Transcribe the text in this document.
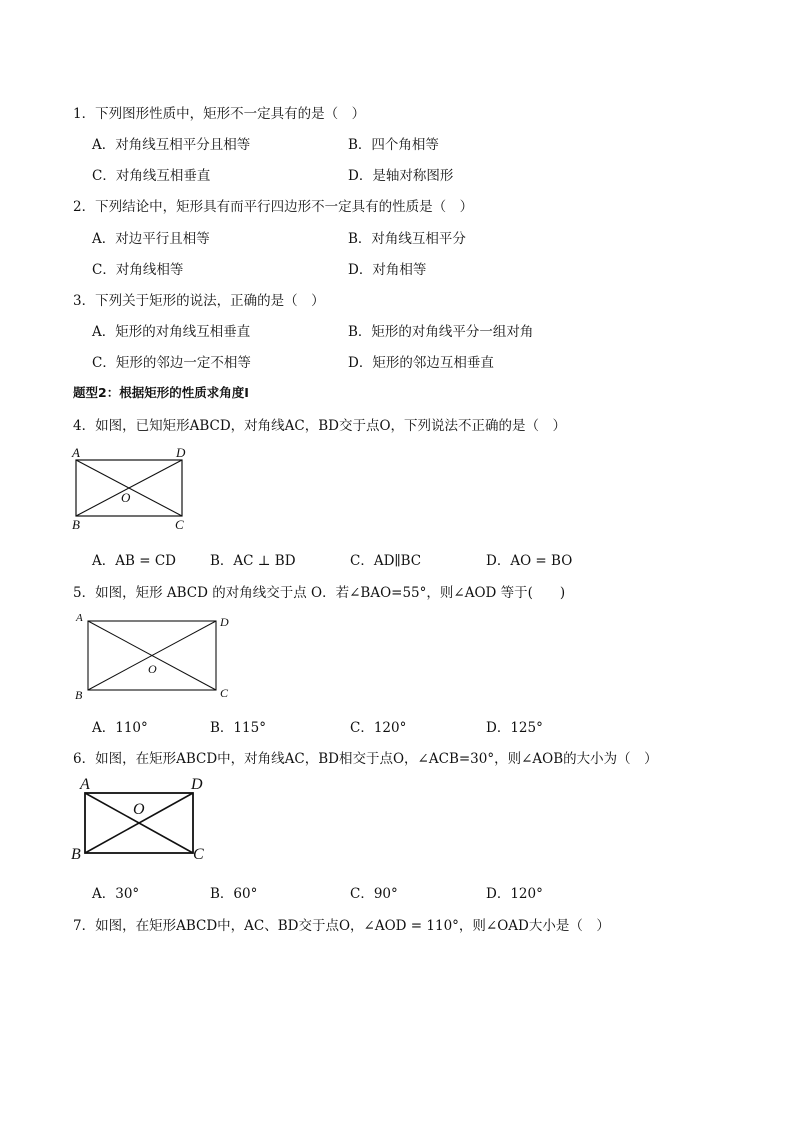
1．下列图形性质中，矩形不一定具有的是（　）
A．对角线互相平分且相等	B．四个角相等
C．对角线互相垂直	D．是轴对称图形
2．下列结论中，矩形具有而平行四边形不一定具有的性质是（　）
A．对边平行且相等	B．对角线互相平分
C．对角线相等	D．对角相等
3．下列关于矩形的说法，正确的是（　）
A．矩形的对角线互相垂直	B．矩形的对角线平分一组对角
C．矩形的邻边一定不相等	D．矩形的邻边互相垂直
题型2：根据矩形的性质求角度Ⅰ
4．如图，已知矩形ABCD，对角线AC，BD交于点O，下列说法不正确的是（　）
A	D
O
B	C
A．AB = CD	B．AC ⊥ BD	C．AD∥BC	D．AO = BO
5．如图，矩形 ABCD 的对角线交于点 O．若∠BAO=55°，则∠AOD 等于(　　)
A	D
O
B	C
A．110°	B．115°	C．120°	D．125°
6．如图，在矩形ABCD中，对角线AC，BD相交于点O，∠ACB=30°，则∠AOB的大小为（　）
A	D
O
B	C
A．30°	B．60°	C．90°	D．120°
7．如图，在矩形ABCD中，AC、BD交于点O，∠AOD = 110°，则∠OAD大小是（　）
